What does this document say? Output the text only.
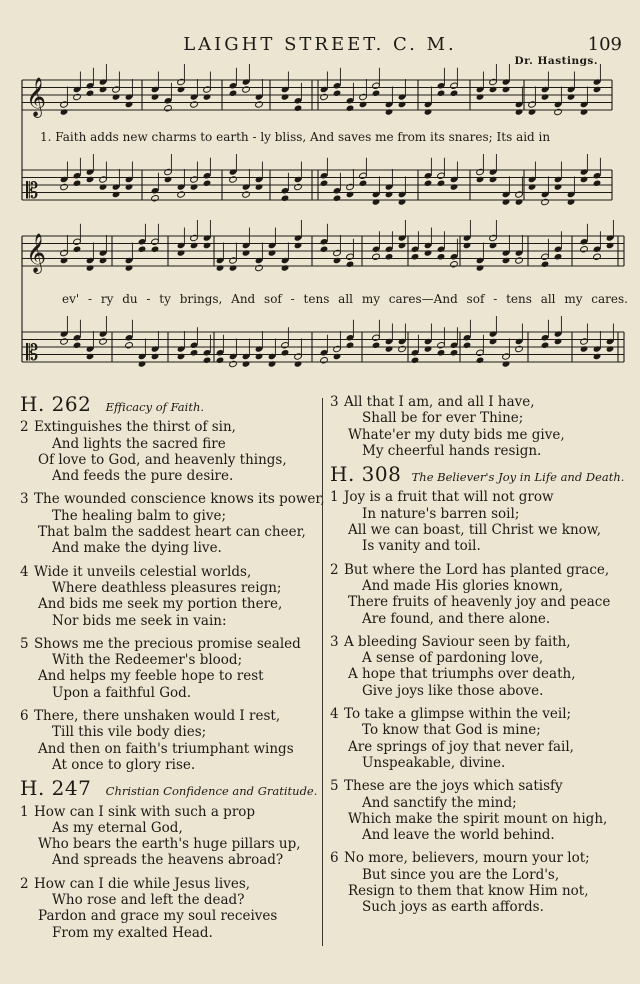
LAIGHT STREET. C. M.	109
Dr. Hastings.
𝄞
𝄡
𝄞
𝄡
1. Faith adds new charms to earth - ly bliss, And saves me from its snares; Its aid in
ev' - ry du - ty brings, And sof - tens all my cares—And sof - tens all my cares.
H. 262 Efficacy of Faith.
2 Extinguishes the thirst of sin,
And lights the sacred fire
Of love to God, and heavenly things,
And feeds the pure desire.
3 The wounded conscience knows its power,
The healing balm to give;
That balm the saddest heart can cheer,
And make the dying live.
4 Wide it unveils celestial worlds,
Where deathless pleasures reign;
And bids me seek my portion there,
Nor bids me seek in vain:
5 Shows me the precious promise sealed
With the Redeemer's blood;
And helps my feeble hope to rest
Upon a faithful God.
6 There, there unshaken would I rest,
Till this vile body dies;
And then on faith's triumphant wings
At once to glory rise.
H. 247 Christian Confidence and Gratitude.
1 How can I sink with such a prop
As my eternal God,
Who bears the earth's huge pillars up,
And spreads the heavens abroad?
2 How can I die while Jesus lives,
Who rose and left the dead?
Pardon and grace my soul receives
From my exalted Head.
3 All that I am, and all I have,
Shall be for ever Thine;
Whate'er my duty bids me give,
My cheerful hands resign.
H. 308 The Believer's Joy in Life and Death.
1 Joy is a fruit that will not grow
In nature's barren soil;
All we can boast, till Christ we know,
Is vanity and toil.
2 But where the Lord has planted grace,
And made His glories known,
There fruits of heavenly joy and peace
Are found, and there alone.
3 A bleeding Saviour seen by faith,
A sense of pardoning love,
A hope that triumphs over death,
Give joys like those above.
4 To take a glimpse within the veil;
To know that God is mine;
Are springs of joy that never fail,
Unspeakable, divine.
5 These are the joys which satisfy
And sanctify the mind;
Which make the spirit mount on high,
And leave the world behind.
6 No more, believers, mourn your lot;
But since you are the Lord's,
Resign to them that know Him not,
Such joys as earth affords.
